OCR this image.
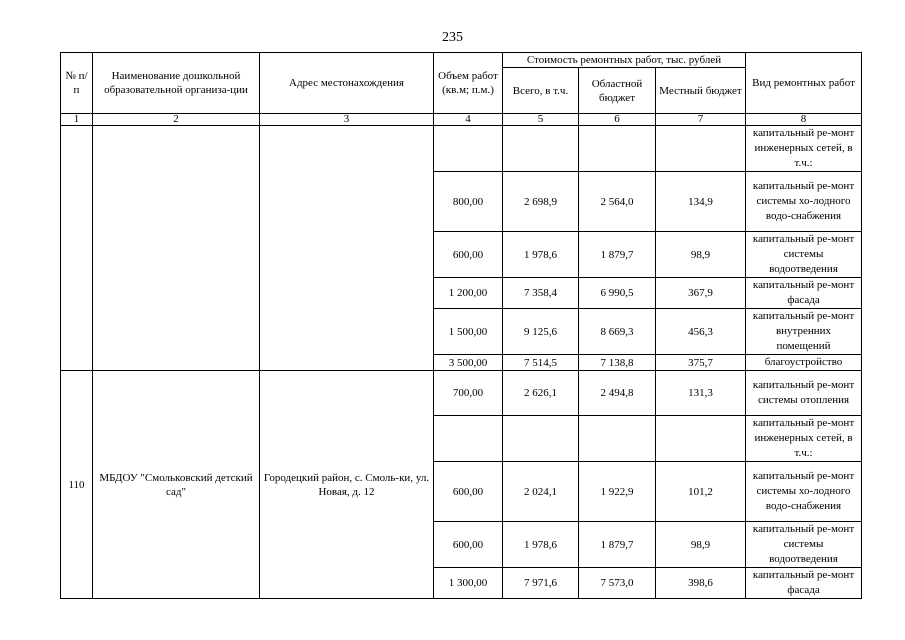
235
№ п/п	Наименование дошкольной образовательной организа-ции	Адрес местонахождения	Объем работ (кв.м; п.м.)	Стоимость ремонтных работ, тыс. рублей			Вид ремонтных работ
				Всего, в т.ч.	Областной бюджет	Местный бюджет	
1	2	3	4	5	6	7	8
							капитальный ре-монт инженерных сетей, в т.ч.:
			800,00	2 698,9	2 564,0	134,9	капитальный ре-монт системы хо-лодного водо-снабжения
			600,00	1 978,6	1 879,7	98,9	капитальный ре-монт системы водоотведения
			1 200,00	7 358,4	6 990,5	367,9	капитальный ре-монт фасада
			1 500,00	9 125,6	8 669,3	456,3	капитальный ре-монт внутренних помещений
			3 500,00	7 514,5	7 138,8	375,7	благоустройство
110	МБДОУ "Смольковский детский сад"	Городецкий район, с. Смоль-ки, ул. Новая, д. 12	700,00	2 626,1	2 494,8	131,3	капитальный ре-монт системы отопления
							капитальный ре-монт инженерных сетей, в т.ч.:
			600,00	2 024,1	1 922,9	101,2	капитальный ре-монт системы хо-лодного водо-снабжения
			600,00	1 978,6	1 879,7	98,9	капитальный ре-монт системы водоотведения
			1 300,00	7 971,6	7 573,0	398,6	капитальный ре-монт фасада
